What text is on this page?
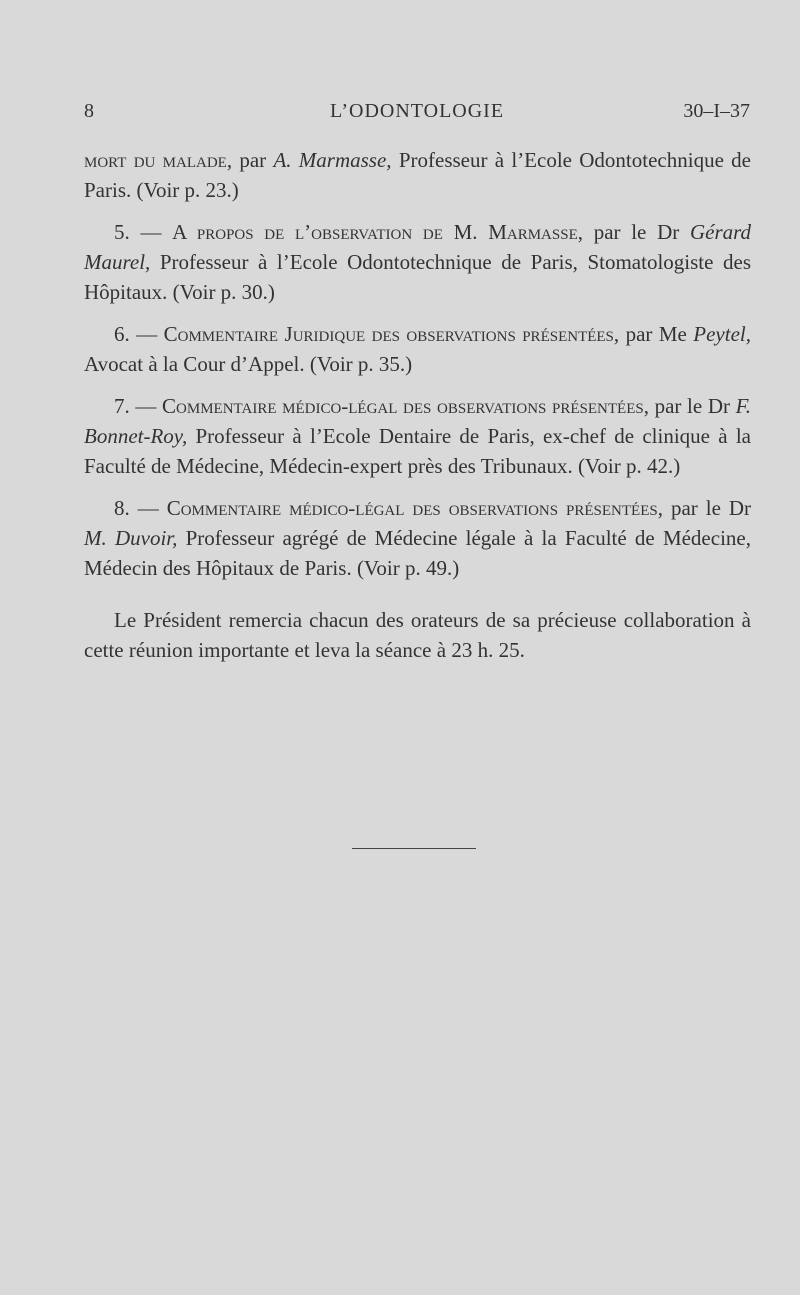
8	L’ODONTOLOGIE	30–I–37

mort du malade, par A. Marmasse, Professeur à l’Ecole Odontotechnique de Paris. (Voir p. 23.)

5. — A propos de l’observation de M. Marmasse, par le Dr Gérard Maurel, Professeur à l’Ecole Odontotechnique de Paris, Stomatologiste des Hôpitaux. (Voir p. 30.)

6. — Commentaire Juridique des observations présentées, par Me Peytel, Avocat à la Cour d’Appel. (Voir p. 35.)

7. — Commentaire médico-légal des observations présentées, par le Dr F. Bonnet-Roy, Professeur à l’Ecole Dentaire de Paris, ex-chef de clinique à la Faculté de Médecine, Médecin-expert près des Tribunaux. (Voir p. 42.)

8. — Commentaire médico-légal des observations présentées, par le Dr M. Duvoir, Professeur agrégé de Médecine légale à la Faculté de Médecine, Médecin des Hôpitaux de Paris. (Voir p. 49.)

Le Président remercia chacun des orateurs de sa précieuse collaboration à cette réunion importante et leva la séance à 23 h. 25.
